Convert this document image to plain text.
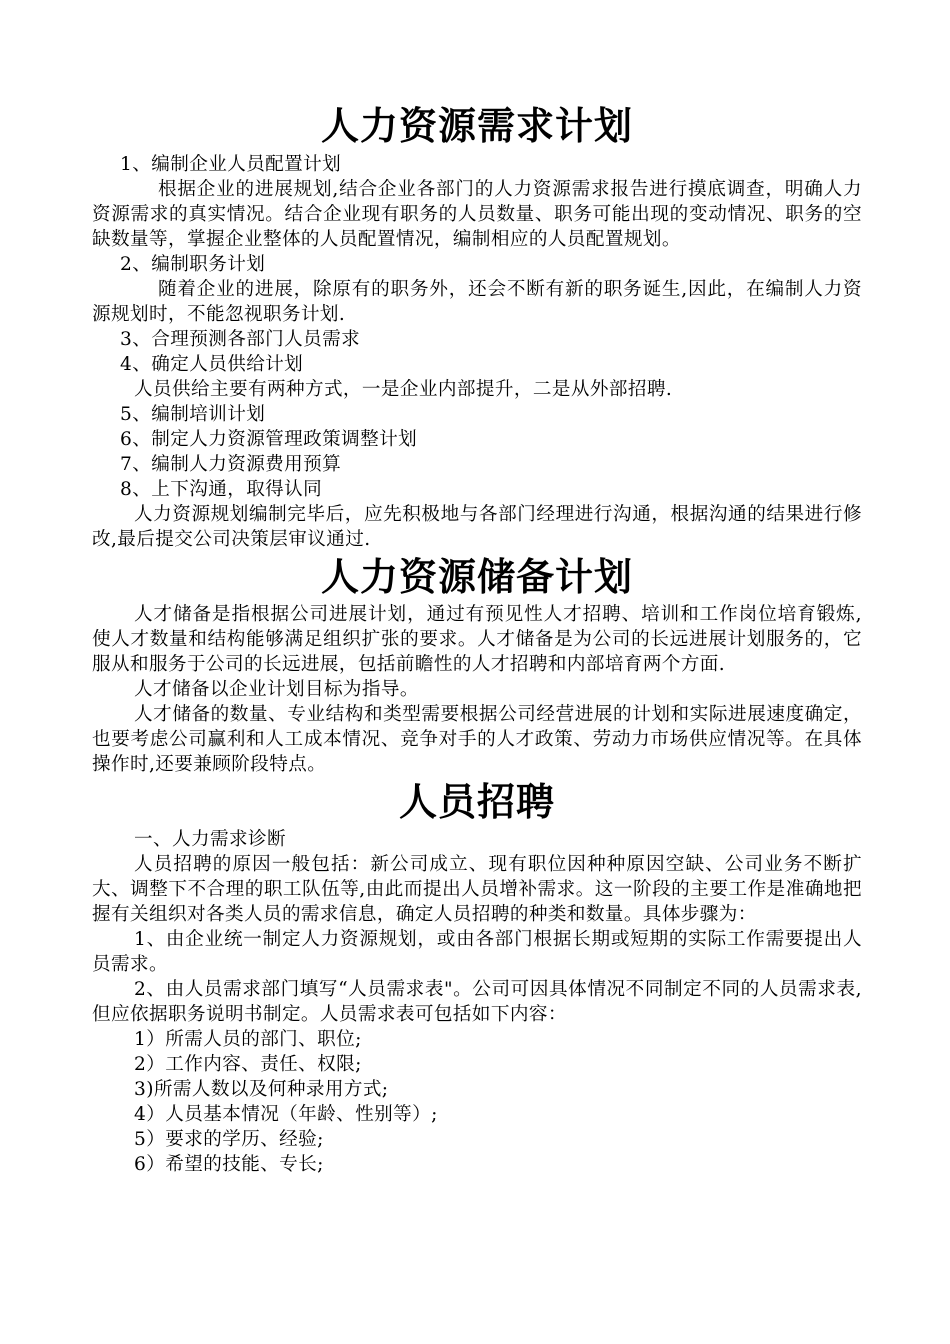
人力资源需求计划

1、编制企业人员配置计划

根据企业的进展规划,结合企业各部门的人力资源需求报告进行摸底调查，明确人力资源需求的真实情况。结合企业现有职务的人员数量、职务可能出现的变动情况、职务的空缺数量等，掌握企业整体的人员配置情况，编制相应的人员配置规划。

2、编制职务计划

随着企业的进展，除原有的职务外，还会不断有新的职务诞生,因此，在编制人力资源规划时，不能忽视职务计划.

3、合理预测各部门人员需求

4、确定人员供给计划

人员供给主要有两种方式，一是企业内部提升，二是从外部招聘.

5、编制培训计划

6、制定人力资源管理政策调整计划

7、编制人力资源费用预算

8、上下沟通，取得认同

人力资源规划编制完毕后，应先积极地与各部门经理进行沟通，根据沟通的结果进行修改,最后提交公司决策层审议通过.

人力资源储备计划

人才储备是指根据公司进展计划，通过有预见性人才招聘、培训和工作岗位培育锻炼,使人才数量和结构能够满足组织扩张的要求。人才储备是为公司的长远进展计划服务的，它服从和服务于公司的长远进展，包括前瞻性的人才招聘和内部培育两个方面.

人才储备以企业计划目标为指导。

人才储备的数量、专业结构和类型需要根据公司经营进展的计划和实际进展速度确定，也要考虑公司赢利和人工成本情况、竞争对手的人才政策、劳动力市场供应情况等。在具体操作时,还要兼顾阶段特点。

人员招聘

一、人力需求诊断

人员招聘的原因一般包括：新公司成立、现有职位因种种原因空缺、公司业务不断扩大、调整下不合理的职工队伍等,由此而提出人员增补需求。这一阶段的主要工作是准确地把握有关组织对各类人员的需求信息，确定人员招聘的种类和数量。具体步骤为：

1、由企业统一制定人力资源规划，或由各部门根据长期或短期的实际工作需要提出人员需求。

2、由人员需求部门填写“人员需求表"。公司可因具体情况不同制定不同的人员需求表,但应依据职务说明书制定。人员需求表可包括如下内容：

1）所需人员的部门、职位;

2）工作内容、责任、权限;

3)所需人数以及何种录用方式;

4）人员基本情况（年龄、性别等）;

5）要求的学历、经验;

6）希望的技能、专长;
